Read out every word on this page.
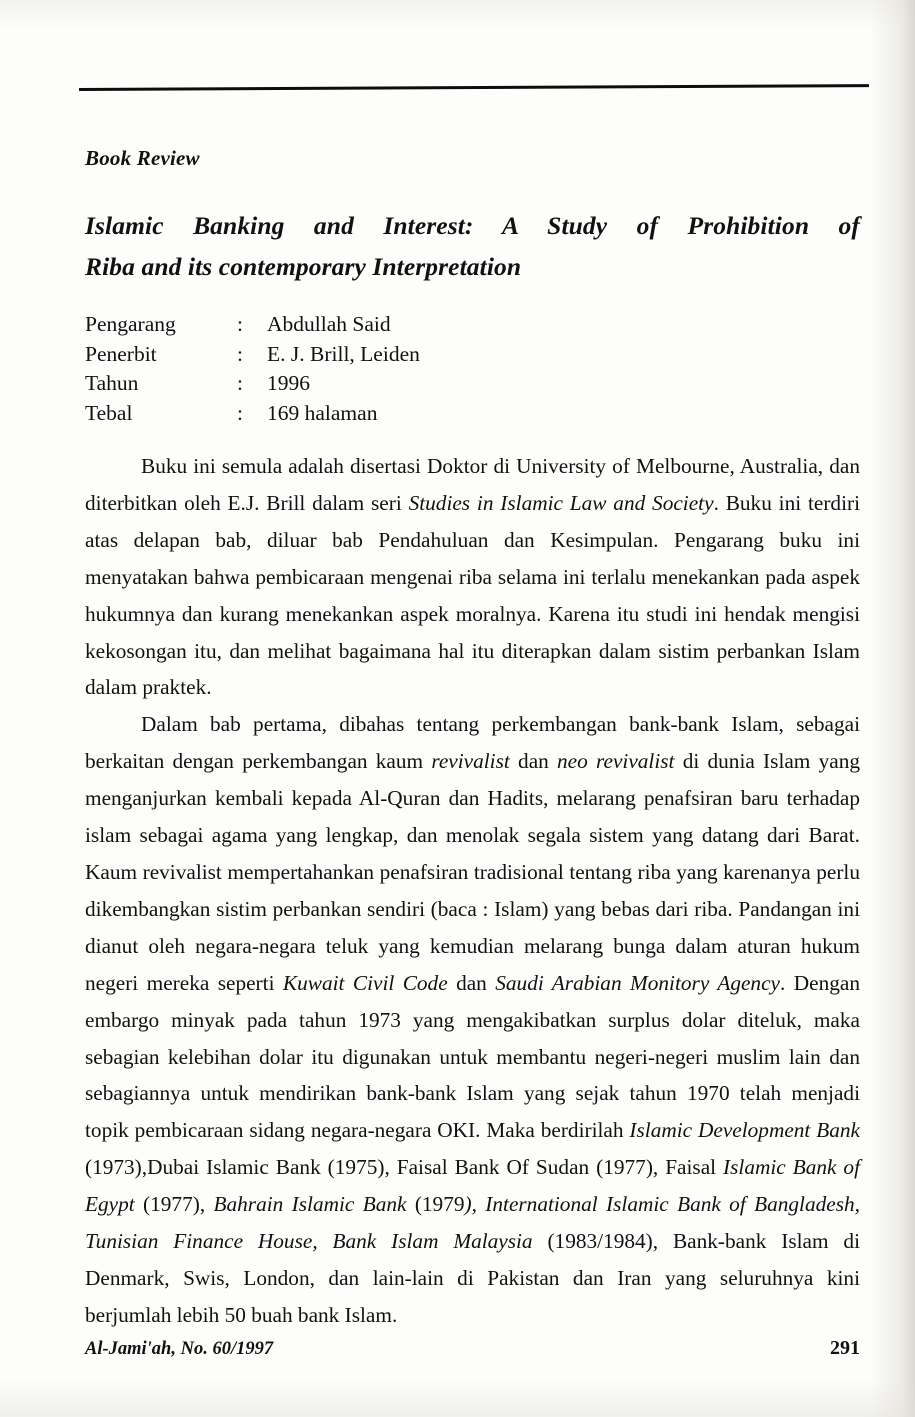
Book Review
Islamic Banking and Interest: A Study of Prohibition of
Riba and its contemporary Interpretation
Pengarang	:	Abdullah Said
Penerbit	:	E. J. Brill, Leiden
Tahun	:	1996
Tebal	:	169 halaman

Buku ini semula adalah disertasi Doktor di University of Melbourne, Australia, dan diterbitkan oleh E.J. Brill dalam seri Studies in Islamic Law and Society. Buku ini terdiri atas delapan bab, diluar bab Pendahuluan dan Kesimpulan. Pengarang buku ini menyatakan bahwa pembicaraan mengenai riba selama ini terlalu menekankan pada aspek hukumnya dan kurang menekankan aspek moralnya. Karena itu studi ini hendak mengisi kekosongan itu, dan melihat bagaimana hal itu diterapkan dalam sistim perbankan Islam dalam praktek.

Dalam bab pertama, dibahas tentang perkembangan bank-bank Islam, sebagai berkaitan dengan perkembangan kaum revivalist dan neo revivalist di dunia Islam yang menganjurkan kembali kepada Al-Quran dan Hadits, melarang penafsiran baru terhadap islam sebagai agama yang lengkap, dan menolak segala sistem yang datang dari Barat. Kaum revivalist mempertahankan penafsiran tradisional tentang riba yang karenanya perlu dikembangkan sistim perbankan sendiri (baca : Islam) yang bebas dari riba. Pandangan ini dianut oleh negara-negara teluk yang kemudian melarang bunga dalam aturan hukum negeri mereka seperti Kuwait Civil Code dan Saudi Arabian Monitory Agency. Dengan embargo minyak pada tahun 1973 yang mengakibatkan surplus dolar diteluk, maka sebagian kelebihan dolar itu digunakan untuk membantu negeri-negeri muslim lain dan sebagiannya untuk mendirikan bank-bank Islam yang sejak tahun 1970 telah menjadi topik pembicaraan sidang negara-negara OKI. Maka berdirilah Islamic Development Bank (1973),Dubai Islamic Bank (1975), Faisal Bank Of Sudan (1977), Faisal Islamic Bank of Egypt (1977), Bahrain Islamic Bank (1979), International Islamic Bank of Bangladesh, Tunisian Finance House, Bank Islam Malaysia (1983/1984), Bank-bank Islam di Denmark, Swis, London, dan lain-lain di Pakistan dan Iran yang seluruhnya kini berjumlah lebih 50 buah bank Islam.

Al-Jami'ah, No. 60/1997	291
